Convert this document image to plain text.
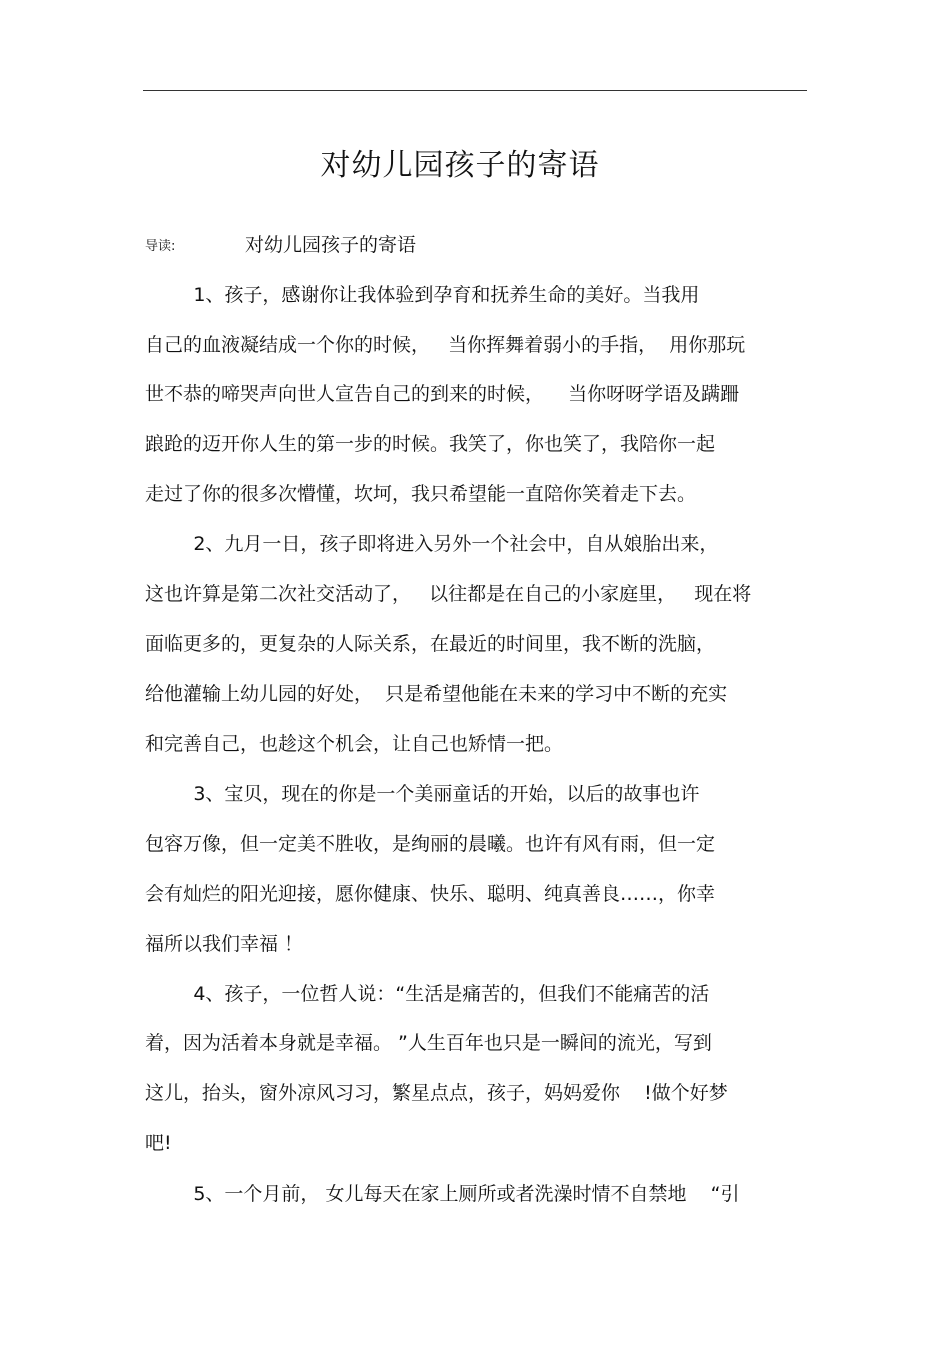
对幼儿园孩子的寄语
导读:	对幼儿园孩子的寄语
1、孩子，感谢你让我体验到孕育和抚养生命的美好。当我用
自己的血液凝结成一个你的时候，   当你挥舞着弱小的手指，  用你那玩
世不恭的啼哭声向世人宣告自己的到来的时候，    当你呀呀学语及蹒跚
踉跄的迈开你人生的第一步的时候。我笑了，你也笑了，我陪你一起
走过了你的很多次懵懂，坎坷，我只希望能一直陪你笑着走下去。
2、九月一日，孩子即将进入另外一个社会中，自从娘胎出来，
这也许算是第二次社交活动了，   以往都是在自己的小家庭里，   现在将
面临更多的，更复杂的人际关系，在最近的时间里，我不断的洗脑，
给他灌输上幼儿园的好处，  只是希望他能在未来的学习中不断的充实
和完善自己，也趁这个机会，让自己也矫情一把。
3、宝贝，现在的你是一个美丽童话的开始，以后的故事也许
包容万像，但一定美不胜收，是绚丽的晨曦。也许有风有雨，但一定
会有灿烂的阳光迎接，愿你健康、快乐、聪明、纯真善良……，你幸
福所以我们幸福 ！
4、孩子，一位哲人说：“生活是痛苦的，但我们不能痛苦的活
着，因为活着本身就是幸福。 ”人生百年也只是一瞬间的流光，写到
这儿，抬头，窗外凉风习习，繁星点点，孩子，妈妈爱你    !做个好梦
吧!
5、一个月前， 女儿每天在家上厕所或者洗澡时情不自禁地    “引
